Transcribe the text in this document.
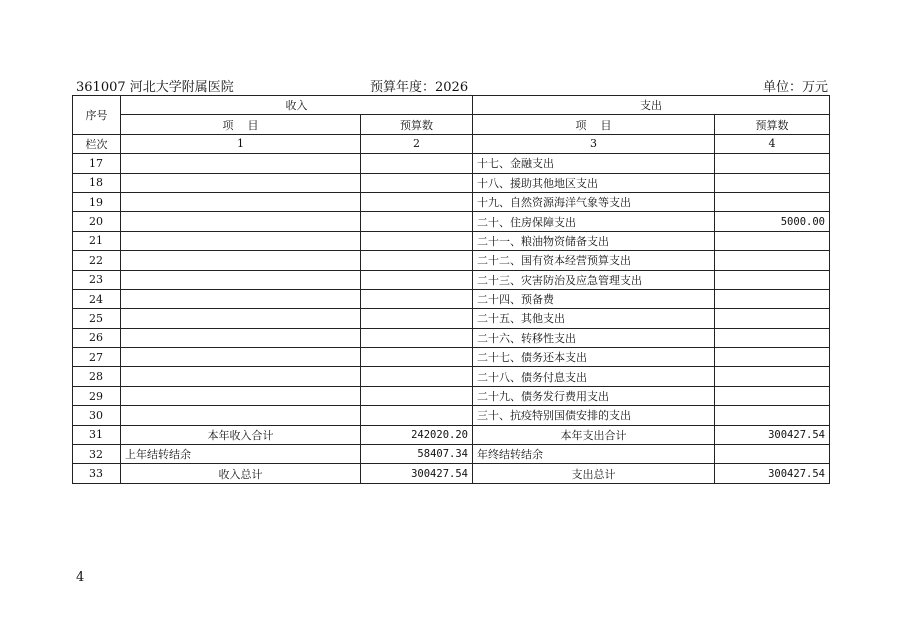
361007 河北大学附属医院	预算年度：2026	单位：万元
序号	收入		支出	
	项    目	预算数	项    目	预算数
栏次	1	2	3	4
17			十七、金融支出	
18			十八、援助其他地区支出	
19			十九、自然资源海洋气象等支出	
20			二十、住房保障支出	5000.00
21			二十一、粮油物资储备支出	
22			二十二、国有资本经营预算支出	
23			二十三、灾害防治及应急管理支出	
24			二十四、预备费	
25			二十五、其他支出	
26			二十六、转移性支出	
27			二十七、债务还本支出	
28			二十八、债务付息支出	
29			二十九、债务发行费用支出	
30			三十、抗疫特别国债安排的支出	
31	本年收入合计	242020.20	本年支出合计	300427.54
32	上年结转结余	58407.34	年终结转结余	
33	收入总计	300427.54	支出总计	300427.54
4
